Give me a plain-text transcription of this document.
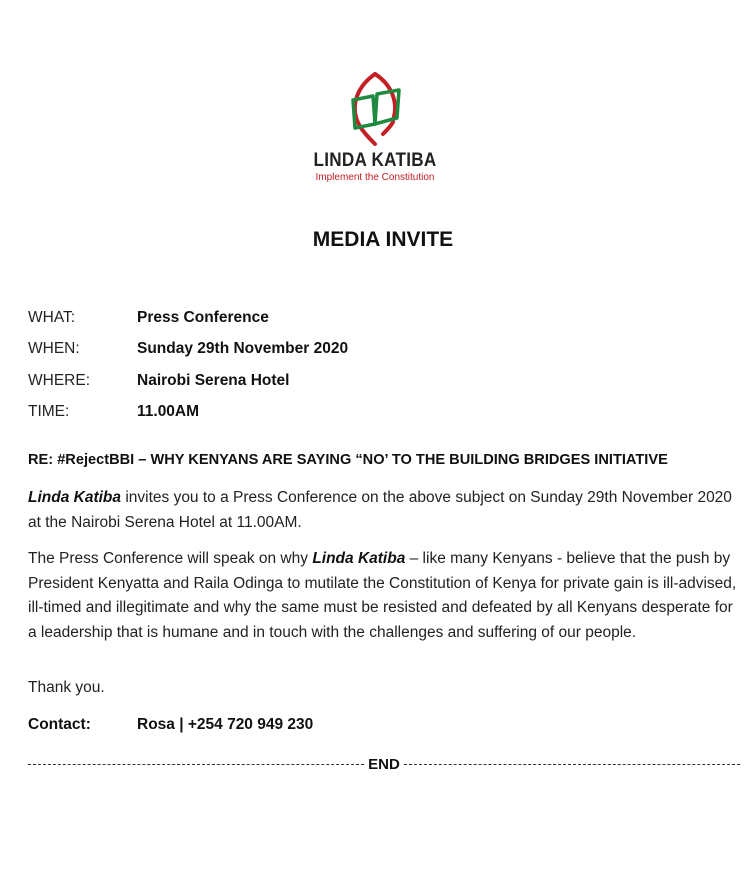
LINDA KATIBA
Implement the Constitution
MEDIA INVITE
WHAT:	Press Conference
WHEN:	Sunday 29th November 2020
WHERE:	Nairobi Serena Hotel
TIME:	11.00AM
RE: #RejectBBI – WHY KENYANS ARE SAYING “NO’ TO THE BUILDING BRIDGES INITIATIVE
Linda Katiba invites you to a Press Conference on the above subject on Sunday 29th November 2020 at the Nairobi Serena Hotel at 11.00AM.
The Press Conference will speak on why Linda Katiba – like many Kenyans - believe that the push by President Kenyatta and Raila Odinga to mutilate the Constitution of Kenya for private gain is ill-advised, ill-timed and illegitimate and why the same must be resisted and defeated by all Kenyans desperate for a leadership that is humane and in touch with the challenges and suffering of our people.
Thank you.
Contact:	Rosa | +254 720 949 230
END
